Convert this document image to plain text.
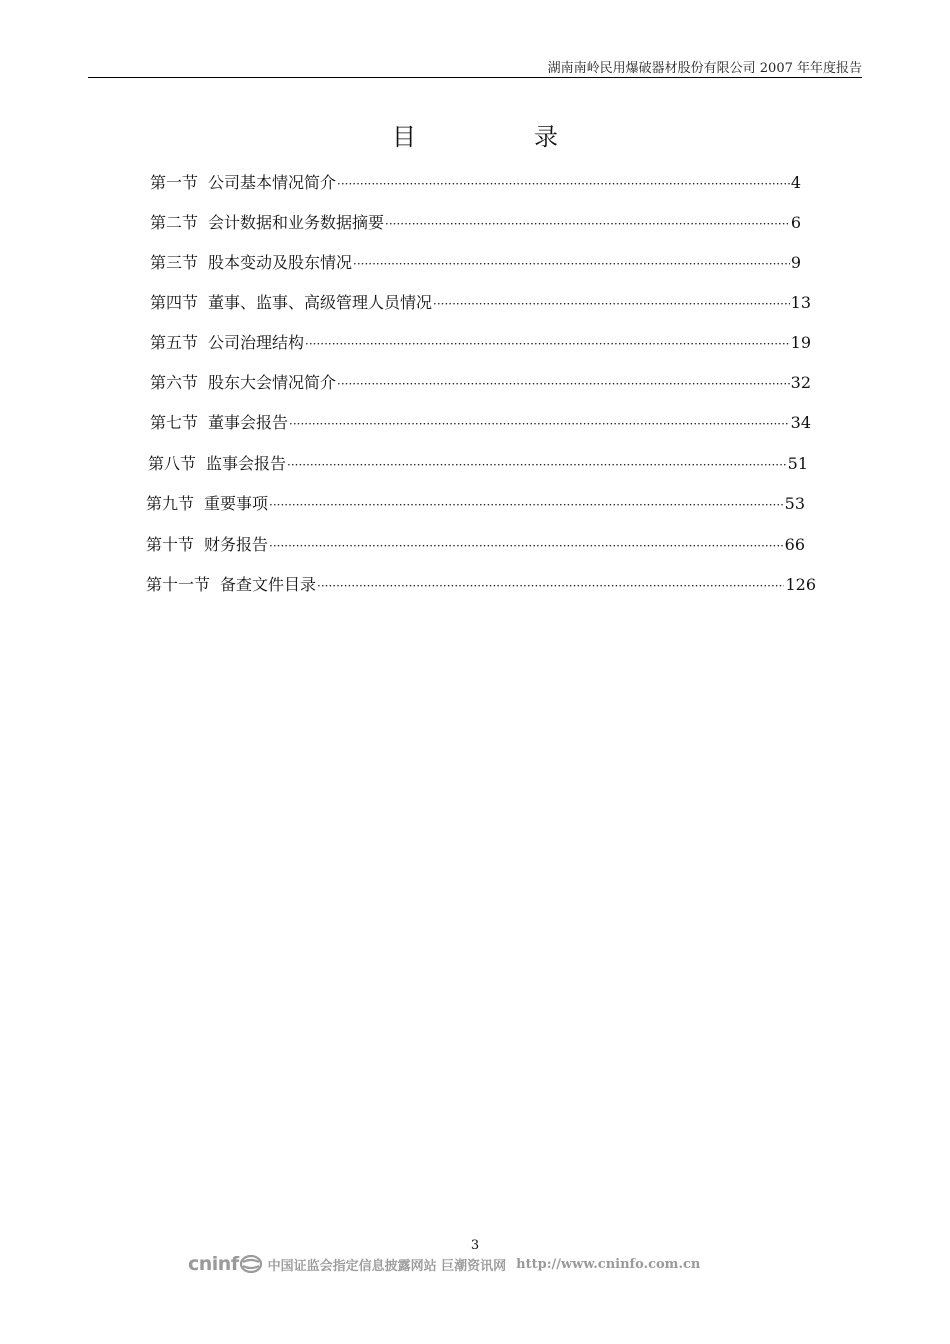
湖南南岭民用爆破器材股份有限公司 2007 年年度报告
目	录
第一节 公司基本情况简介 ·····	4
第二节 会计数据和业务数据摘要 ·····	6
第三节 股本变动及股东情况 ·····	9
第四节 董事、监事、高级管理人员情况 ·····	13
第五节 公司治理结构 ·····	19
第六节 股东大会情况简介 ·····	32
第七节 董事会报告 ·····	34
第八节 监事会报告 ·····	51
第九节 重要事项 ·····	53
第十节 财务报告 ·····	66
第十一节 备查文件目录 ·····	126
3
cninf 中国证监会指定信息披露网站 巨潮资讯网 http://www.cninfo.com.cn
